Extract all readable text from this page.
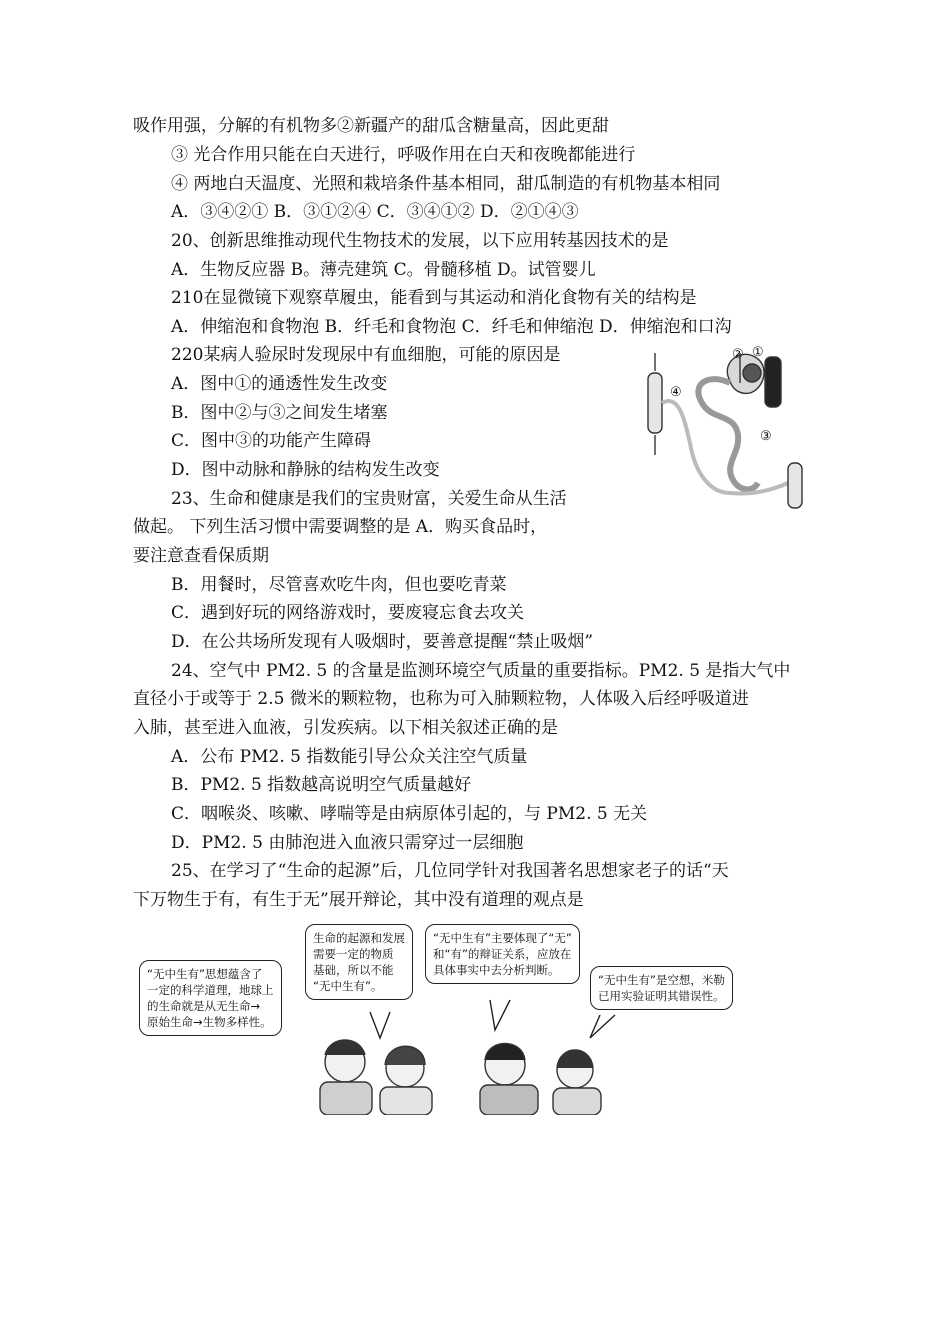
吸作用强，分解的有机物多②新疆产的甜瓜含糖量高，因此更甜
③ 光合作用只能在白天进行，呼吸作用在白天和夜晚都能进行
④ 两地白天温度、光照和栽培条件基本相同，甜瓜制造的有机物基本相同
A．③④②① B．③①②④ C．③④①② D．②①④③
20、创新思维推动现代生物技术的发展，以下应用转基因技术的是
A．生物反应器 B。薄壳建筑 C。骨髓移植 D。试管婴儿
210在显微镜下观察草履虫，能看到与其运动和消化食物有关的结构是
A．伸缩泡和食物泡 B．纤毛和食物泡 C．纤毛和伸缩泡 D．伸缩泡和口沟
220某病人验尿时发现尿中有血细胞，可能的原因是
A．图中①的通透性发生改变
B．图中②与③之间发生堵塞
C．图中③的功能产生障碍
D．图中动脉和静脉的结构发生改变
23、生命和健康是我们的宝贵财富，关爱生命从生活
做起。 下列生活习惯中需要调整的是 A．购买食品时，
要注意查看保质期
B．用餐时，尽管喜欢吃牛肉，但也要吃青菜
C．遇到好玩的网络游戏时，要废寝忘食去攻关
D．在公共场所发现有人吸烟时，要善意提醒“禁止吸烟”
24、空气中 PM2. 5 的含量是监测环境空气质量的重要指标。PM2. 5 是指大气中
直径小于或等于 2.5 微米的颗粒物，也称为可入肺颗粒物，人体吸入后经呼吸道进
入肺，甚至进入血液，引发疾病。以下相关叙述正确的是
A．公布 PM2. 5 指数能引导公众关注空气质量
B．PM2. 5 指数越高说明空气质量越好
C．咽喉炎、咳嗽、哮喘等是由病原体引起的，与 PM2. 5 无关
D．PM2. 5 由肺泡进入血液只需穿过一层细胞
25、在学习了“生命的起源”后，几位同学针对我国著名思想家老子的话“天
下万物生于有，有生于无”展开辩论，其中没有道理的观点是
② ①
④
③
“无中生有”思想蕴含了
一定的科学道理，地球上
的生命就是从无生命→
原始生命→生物多样性。
生命的起源和发展
需要一定的物质
基础，所以不能
“无中生有”。
“无中生有”主要体现了“无”
和“有”的辩证关系，应放在
具体事实中去分析判断。
“无中生有”是空想，米勒
已用实验证明其错误性。
